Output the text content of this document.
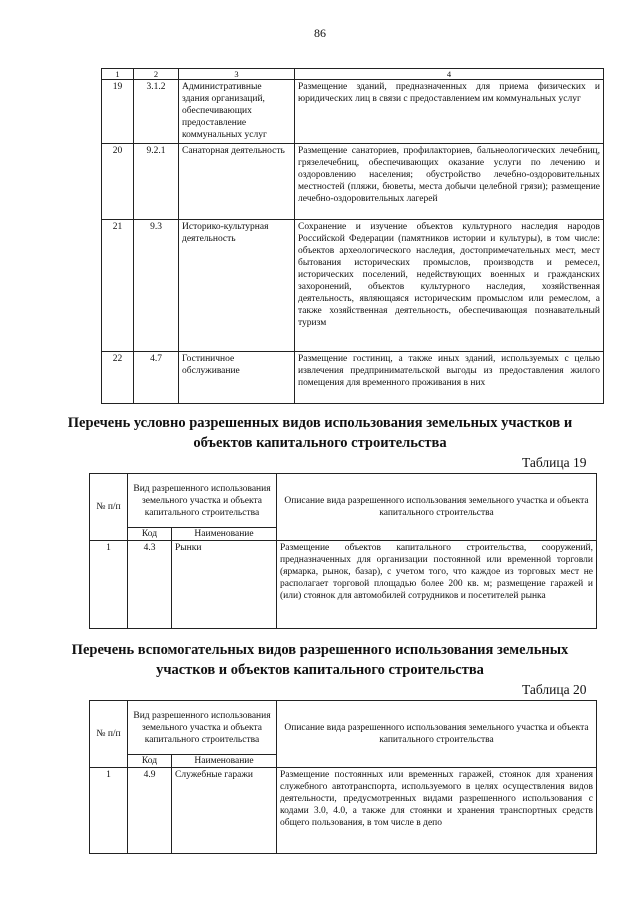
86
1	2	3	4
19	3.1.2	Административные здания организаций, обеспечивающих предоставление коммунальных услуг	Размещение зданий, предназначенных для приема физических и юридических лиц в связи с предоставлением им коммунальных услуг
20	9.2.1	Санаторная деятельность	Размещение санаториев, профилакториев, бальнеологических лечебниц, грязелечебниц, обеспечивающих оказание услуги по лечению и оздоровлению населения; обустройство лечебно-оздоровительных местностей (пляжи, бюветы, места добычи целебной грязи); размещение лечебно-оздоровительных лагерей
21	9.3	Историко-культурная деятельность	Сохранение и изучение объектов культурного наследия народов Российской Федерации (памятников истории и культуры), в том числе: объектов археологического наследия, достопримечательных мест, мест бытования исторических промыслов, производств и ремесел, исторических поселений, недействующих военных и гражданских захоронений, объектов культурного наследия, хозяйственная деятельность, являющаяся историческим промыслом или ремеслом, а также хозяйственная деятельность, обеспечивающая познавательный туризм
22	4.7	Гостиничное обслуживание	Размещение гостиниц, а также иных зданий, используемых с целью извлечения предпринимательской выгоды из предоставления жилого помещения для временного проживания в них
Перечень условно разрешенных видов использования земельных участков и объектов капитального строительства
Таблица 19
№ п/п	Вид разрешенного использования земельного участка и объекта капитального строительства		Описание вида разрешенного использования земельного участка и объекта капитального строительства
	Код	Наименование	
1	4.3	Рынки	Размещение объектов капитального строительства, сооружений, предназначенных для организации постоянной или временной торговли (ярмарка, рынок, базар), с учетом того, что каждое из торговых мест не располагает торговой площадью более 200 кв. м; размещение гаражей и (или) стоянок для автомобилей сотрудников и посетителей рынка
Перечень вспомогательных видов разрешенного использования земельных участков и объектов капитального строительства
Таблица 20
№ п/п	Вид разрешенного использования земельного участка и объекта капитального строительства		Описание вида разрешенного использования земельного участка и объекта капитального строительства
	Код	Наименование	
1	4.9	Служебные гаражи	Размещение постоянных или временных гаражей, стоянок для хранения служебного автотранспорта, используемого в целях осуществления видов деятельности, предусмотренных видами разрешенного использования с кодами 3.0, 4.0, а также для стоянки и хранения транспортных средств общего пользования, в том числе в депо
